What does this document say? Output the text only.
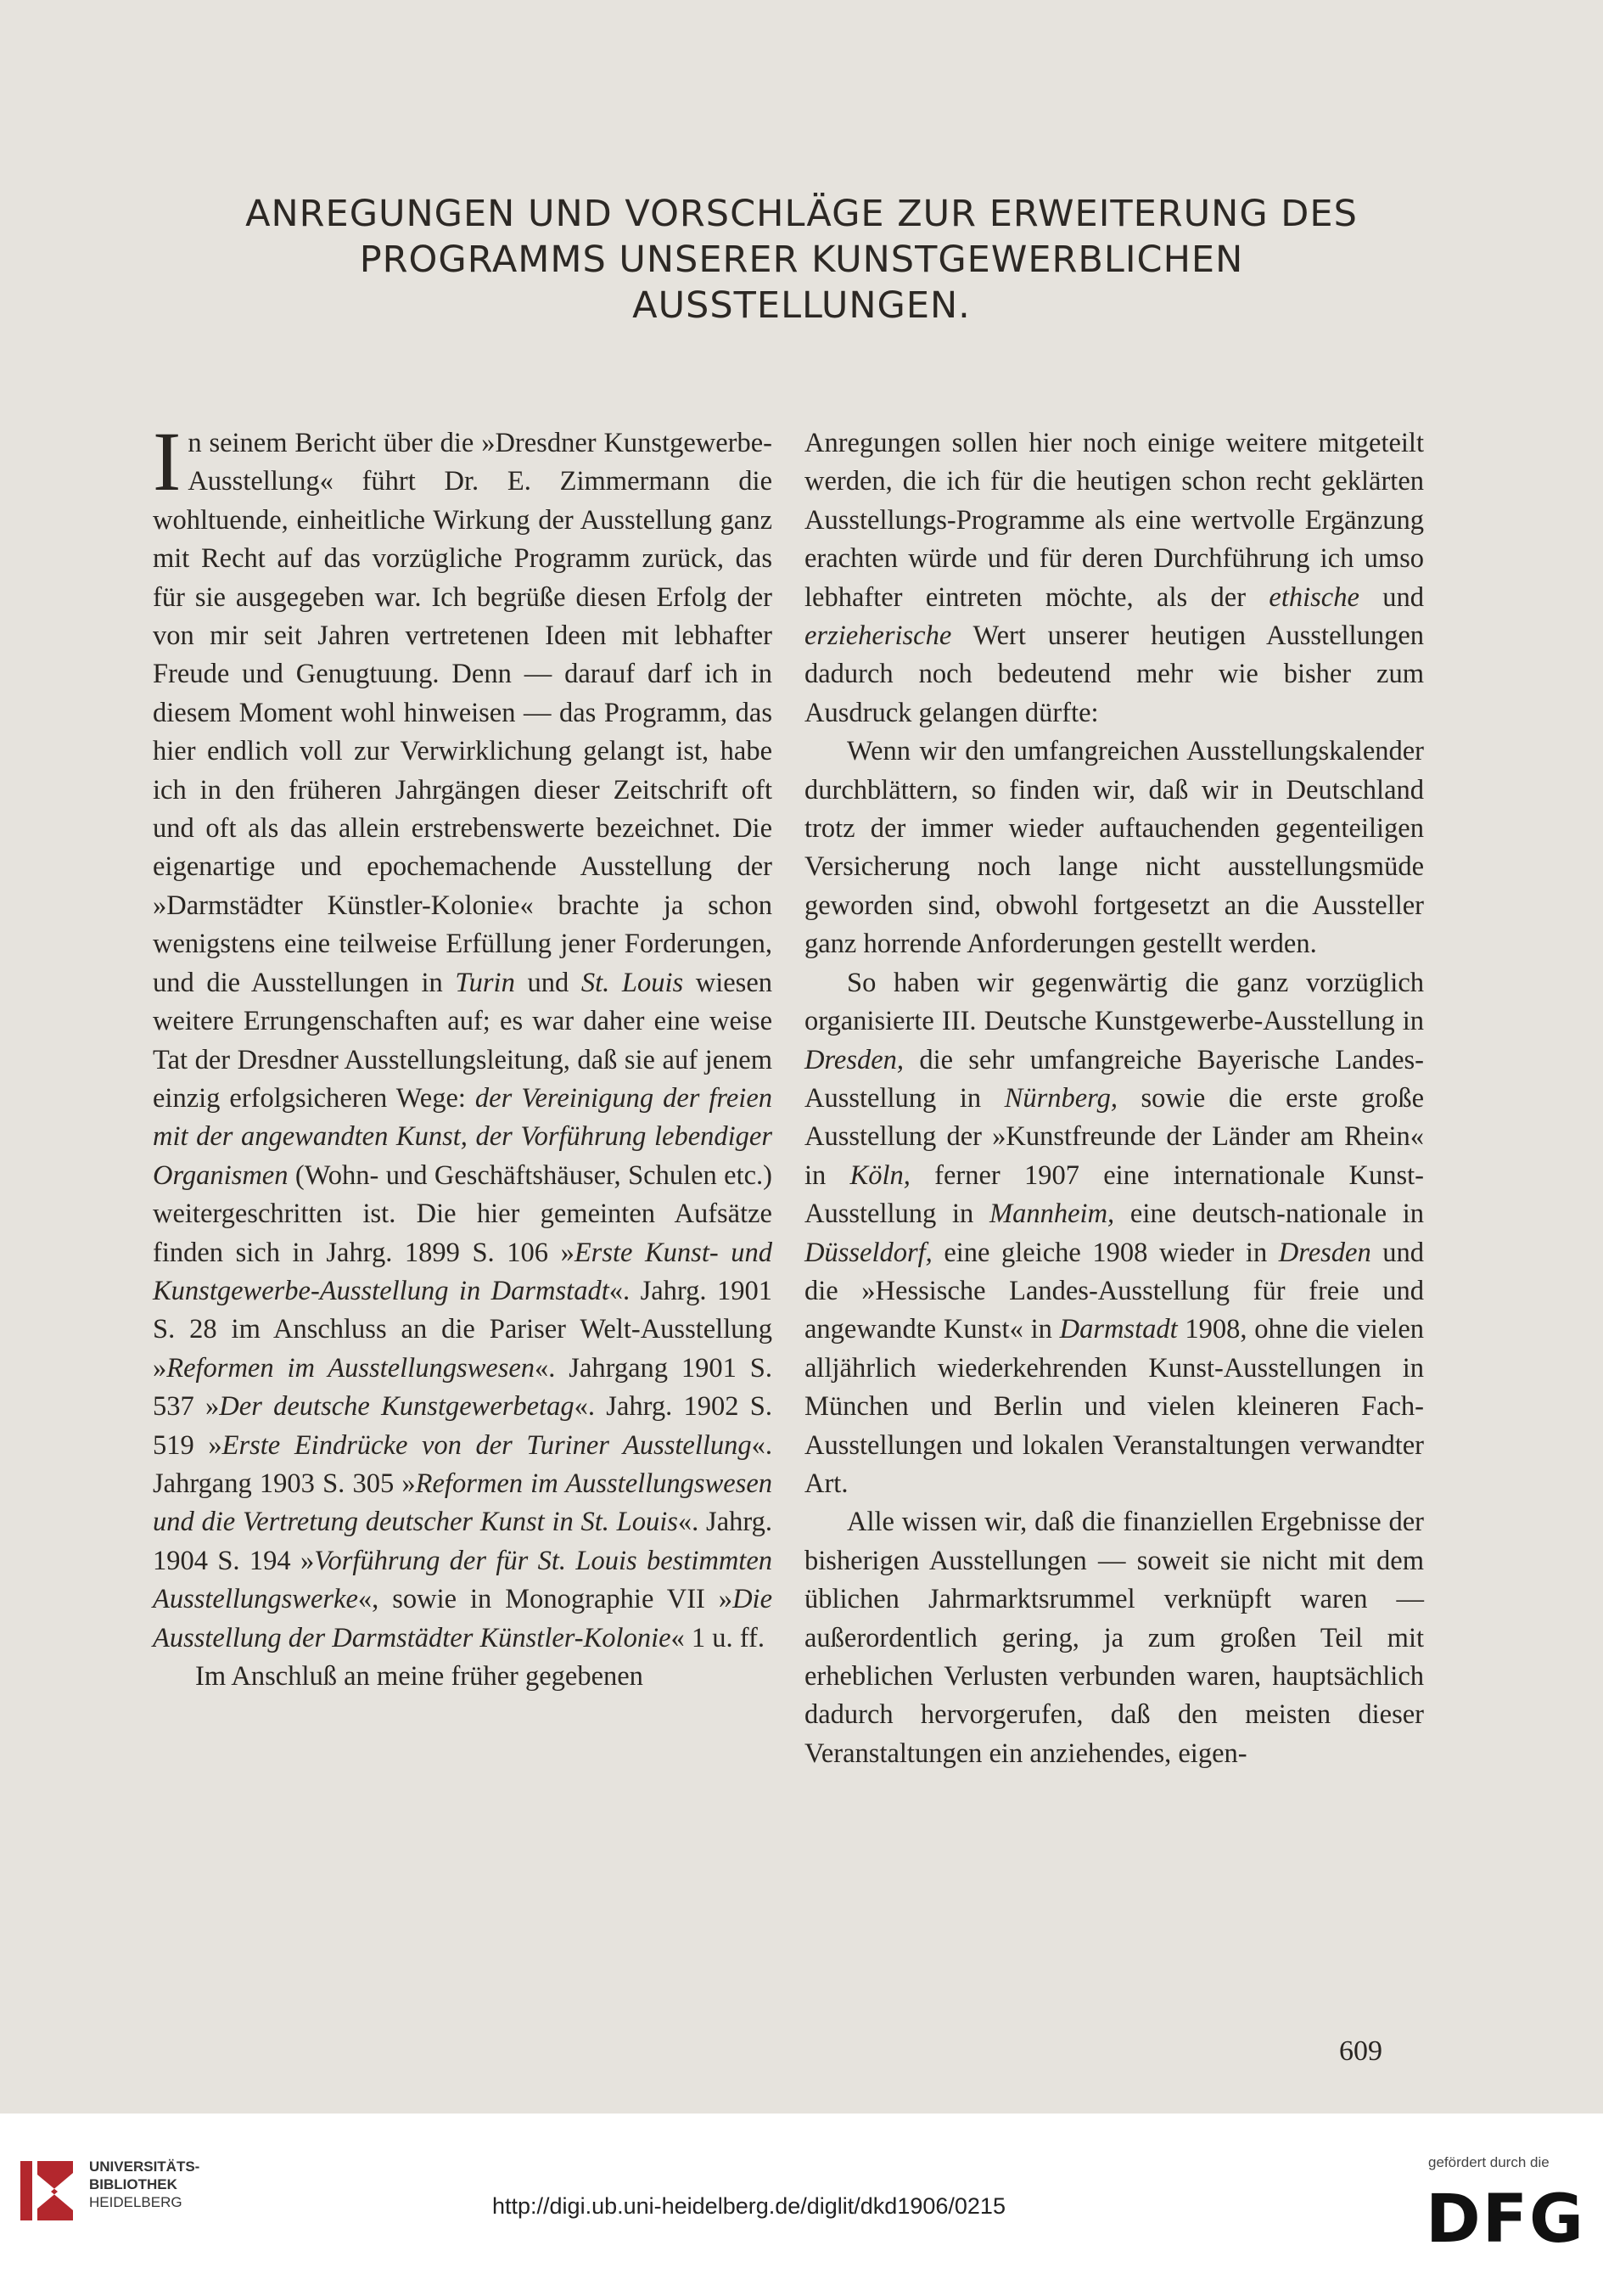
ANREGUNGEN UND VORSCHLÄGE ZUR ERWEITERUNG DES
PROGRAMMS UNSERER KUNSTGEWERBLICHEN
AUSSTELLUNGEN.

In seinem Bericht über die »Dresdner Kunstgewerbe-Ausstellung« führt Dr. E. Zimmermann die wohltuende, einheitliche Wirkung der Ausstellung ganz mit Recht auf das vorzügliche Programm zurück, das für sie ausgegeben war. Ich begrüße diesen Erfolg der von mir seit Jahren vertretenen Ideen mit lebhafter Freude und Genugtuung. Denn — darauf darf ich in diesem Moment wohl hinweisen — das Programm, das hier endlich voll zur Verwirklichung gelangt ist, habe ich in den früheren Jahrgängen dieser Zeitschrift oft und oft als das allein erstrebenswerte bezeichnet. Die eigenartige und epochemachende Ausstellung der »Darmstädter Künstler-Kolonie« brachte ja schon wenigstens eine teilweise Erfüllung jener Forderungen, und die Ausstellungen in Turin und St. Louis wiesen weitere Errungenschaften auf; es war daher eine weise Tat der Dresdner Ausstellungsleitung, daß sie auf jenem einzig erfolgsicheren Wege: der Vereinigung der freien mit der angewandten Kunst, der Vorführung lebendiger Organismen (Wohn- und Geschäftshäuser, Schulen etc.) weitergeschritten ist. Die hier gemeinten Aufsätze finden sich in Jahrg. 1899 S. 106 »Erste Kunst- und Kunstgewerbe-Ausstellung in Darmstadt«. Jahrg. 1901 S. 28 im Anschluss an die Pariser Welt-Ausstellung »Reformen im Ausstellungswesen«. Jahrgang 1901 S. 537 »Der deutsche Kunstgewerbetag«. Jahrg. 1902 S. 519 »Erste Eindrücke von der Turiner Ausstellung«. Jahrgang 1903 S. 305 »Reformen im Ausstellungswesen und die Vertretung deutscher Kunst in St. Louis«. Jahrg. 1904 S. 194 »Vorführung der für St. Louis bestimmten Ausstellungswerke«, sowie in Monographie VII »Die Ausstellung der Darmstädter Künstler-Kolonie« 1 u. ff.

Im Anschluß an meine früher gegebenen

Anregungen sollen hier noch einige weitere mitgeteilt werden, die ich für die heutigen schon recht geklärten Ausstellungs-Programme als eine wertvolle Ergänzung erachten würde und für deren Durchführung ich umso lebhafter eintreten möchte, als der ethische und erzieherische Wert unserer heutigen Ausstellungen dadurch noch bedeutend mehr wie bisher zum Ausdruck gelangen dürfte:

Wenn wir den umfangreichen Ausstellungskalender durchblättern, so finden wir, daß wir in Deutschland trotz der immer wieder auftauchenden gegenteiligen Versicherung noch lange nicht ausstellungsmüde geworden sind, obwohl fortgesetzt an die Aussteller ganz horrende Anforderungen gestellt werden.

So haben wir gegenwärtig die ganz vorzüglich organisierte III. Deutsche Kunstgewerbe-Ausstellung in Dresden, die sehr umfangreiche Bayerische Landes-Ausstellung in Nürnberg, sowie die erste große Ausstellung der »Kunstfreunde der Länder am Rhein« in Köln, ferner 1907 eine internationale Kunst-Ausstellung in Mannheim, eine deutsch-nationale in Düsseldorf, eine gleiche 1908 wieder in Dresden und die »Hessische Landes-Ausstellung für freie und angewandte Kunst« in Darmstadt 1908, ohne die vielen alljährlich wiederkehrenden Kunst-Ausstellungen in München und Berlin und vielen kleineren Fach-Ausstellungen und lokalen Veranstaltungen verwandter Art.

Alle wissen wir, daß die finanziellen Ergebnisse der bisherigen Ausstellungen — soweit sie nicht mit dem üblichen Jahrmarktsrummel verknüpft waren — außerordentlich gering, ja zum großen Teil mit erheblichen Verlusten verbunden waren, hauptsächlich dadurch hervorgerufen, daß den meisten dieser Veranstaltungen ein anziehendes, eigen-

609
UNIVERSITÄTS-
BIBLIOTHEK
HEIDELBERG	http://digi.ub.uni-heidelberg.de/diglit/dkd1906/0215
gefördert durch die
DFG
